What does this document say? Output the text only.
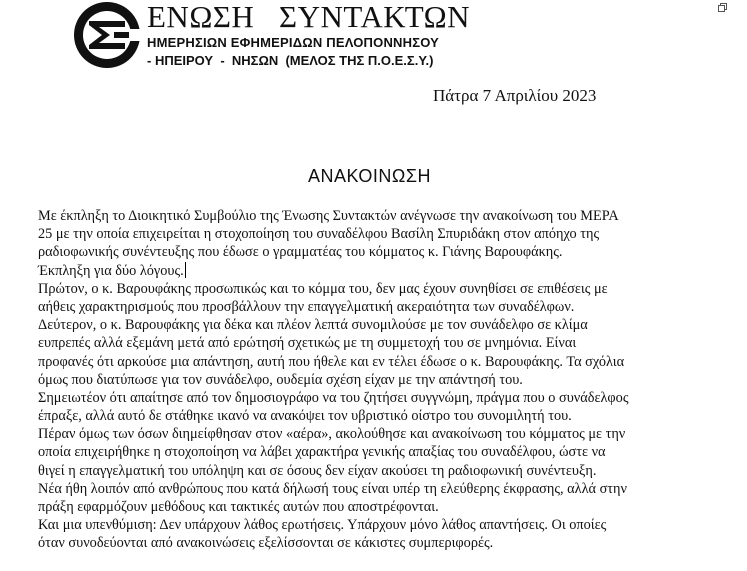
ΕΝΩΣΗ   ΣΥΝΤΑΚΤΩΝ
ΗΜΕΡΗΣΙΩΝ ΕΦΗΜΕΡΙΔΩΝ ΠΕΛΟΠΟΝΝΗΣΟΥ
- ΗΠΕΙΡΟΥ  -  ΝΗΣΩΝ  (ΜΕΛΟΣ ΤΗΣ Π.Ο.Ε.Σ.Υ.)
Πάτρα 7 Απριλίου 2023
ΑΝΑΚΟΙΝΩΣΗ
Με έκπληξη το Διοικητικό Συμβούλιο της Ένωσης Συντακτών ανέγνωσε την ανακοίνωση του ΜΕΡΑ
25 με την οποία επιχειρείται η στοχοποίηση του συναδέλφου Βασίλη Σπυριδάκη στον απόηχο της
ραδιοφωνικής συνέντευξης που έδωσε ο γραμματέας του κόμματος κ. Γιάνης Βαρουφάκης.
Έκπληξη για δύο λόγους.
Πρώτον, ο κ. Βαρουφάκης προσωπικώς και το κόμμα του, δεν μας έχουν συνηθίσει σε επιθέσεις με
αήθεις χαρακτηρισμούς που προσβάλλουν την επαγγελματική ακεραιότητα των συναδέλφων.
Δεύτερον, ο κ. Βαρουφάκης για δέκα και πλέον λεπτά συνομιλούσε με τον συνάδελφο σε κλίμα
ευπρεπές αλλά εξεμάνη μετά από ερώτησή σχετικώς με τη συμμετοχή του σε μνημόνια. Είναι
προφανές ότι αρκούσε μια απάντηση, αυτή που ήθελε και εν τέλει έδωσε ο κ. Βαρουφάκης. Τα σχόλια
όμως που διατύπωσε για τον συνάδελφο, ουδεμία σχέση είχαν με την απάντησή του.
Σημειωτέον ότι απαίτησε από τον δημοσιογράφο να του ζητήσει συγγνώμη, πράγμα που ο συνάδελφος
έπραξε, αλλά αυτό δε στάθηκε ικανό να ανακόψει τον υβριστικό οίστρο του συνομιλητή του.
Πέραν όμως των όσων διημείφθησαν στον «αέρα», ακολούθησε και ανακοίνωση του κόμματος με την
οποία επιχειρήθηκε η στοχοποίηση να λάβει χαρακτήρα γενικής απαξίας του συναδέλφου, ώστε να
θιγεί η επαγγελματική του υπόληψη και σε όσους δεν είχαν ακούσει τη ραδιοφωνική συνέντευξη.
Νέα ήθη λοιπόν από ανθρώπους που κατά δήλωσή τους είναι υπέρ τη ελεύθερης έκφρασης, αλλά στην
πράξη εφαρμόζουν μεθόδους και τακτικές αυτών που αποστρέφονται.
Και μια υπενθύμιση: Δεν υπάρχουν λάθος ερωτήσεις. Υπάρχουν μόνο λάθος απαντήσεις. Οι οποίες
όταν συνοδεύονται από ανακοινώσεις εξελίσσονται σε κάκιστες συμπεριφορές.
